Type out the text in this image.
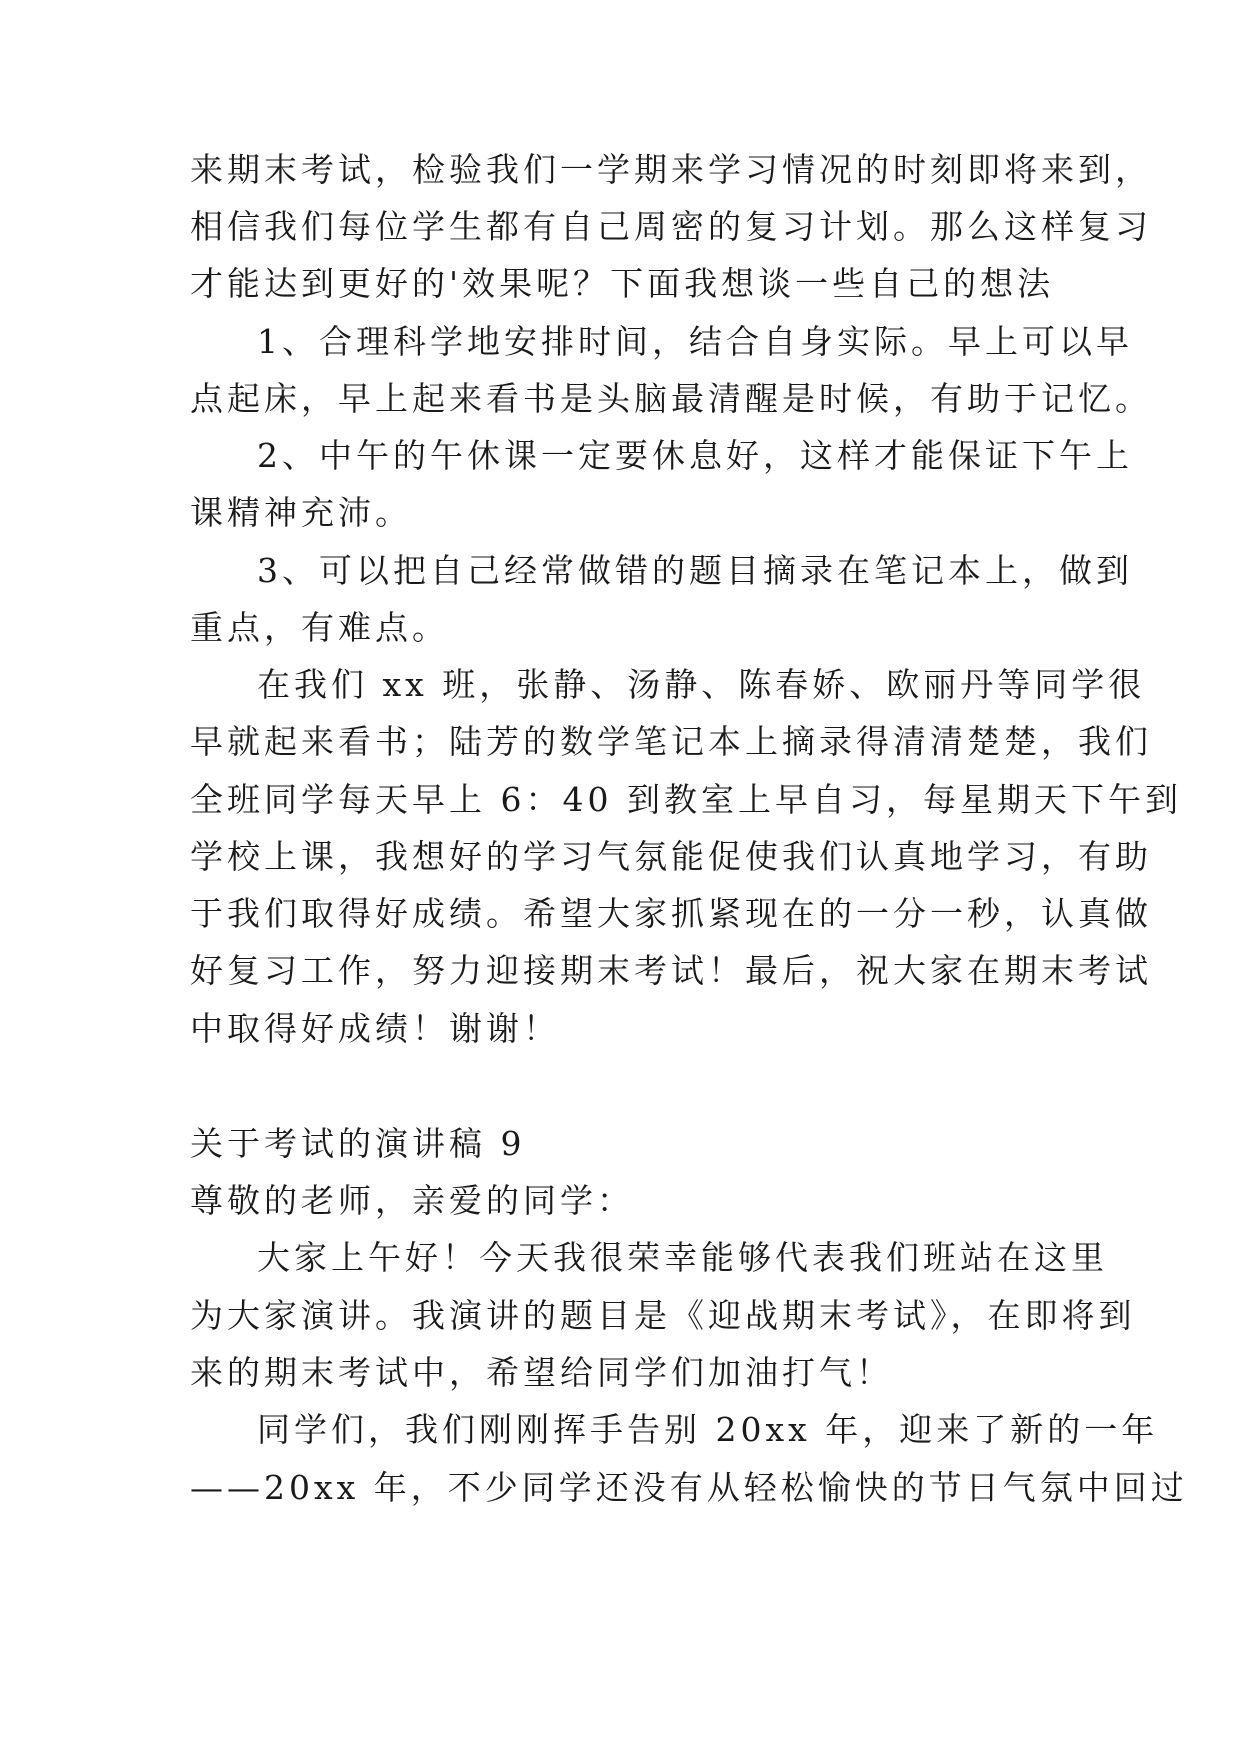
来期末考试，检验我们一学期来学习情况的时刻即将来到，
相信我们每位学生都有自己周密的复习计划。那么这样复习
才能达到更好的'效果呢？下面我想谈一些自己的想法
1、合理科学地安排时间，结合自身实际。早上可以早
点起床，早上起来看书是头脑最清醒是时候，有助于记忆。
2、中午的午休课一定要休息好，这样才能保证下午上
课精神充沛。
3、可以把自己经常做错的题目摘录在笔记本上，做到
重点，有难点。
在我们 xx 班，张静、汤静、陈春娇、欧丽丹等同学很
早就起来看书；陆芳的数学笔记本上摘录得清清楚楚，我们
全班同学每天早上 6：40 到教室上早自习，每星期天下午到
学校上课，我想好的学习气氛能促使我们认真地学习，有助
于我们取得好成绩。希望大家抓紧现在的一分一秒，认真做
好复习工作，努力迎接期末考试！最后，祝大家在期末考试
中取得好成绩！谢谢！
关于考试的演讲稿 9
尊敬的老师，亲爱的同学：
大家上午好！今天我很荣幸能够代表我们班站在这里
为大家演讲。我演讲的题目是《迎战期末考试》，在即将到
来的期末考试中，希望给同学们加油打气！
同学们，我们刚刚挥手告别 20xx 年，迎来了新的一年
——20xx 年，不少同学还没有从轻松愉快的节日气氛中回过
